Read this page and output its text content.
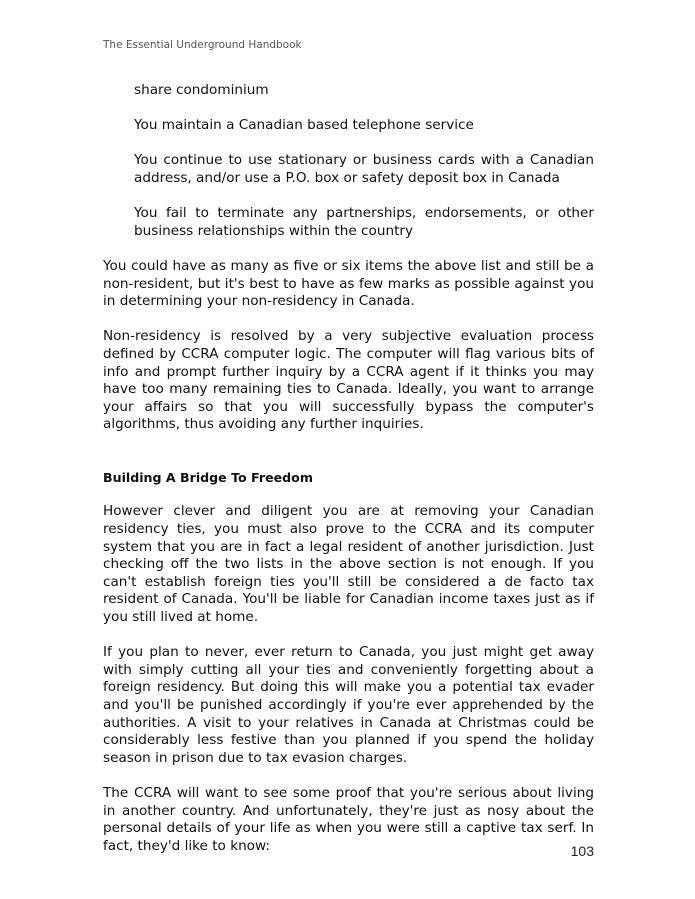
The Essential Underground Handbook

share condominium

You maintain a Canadian based telephone service

You continue to use stationary or business cards with a Canadian address, and/or use a P.O. box or safety deposit box in Canada

You fail to terminate any partnerships, endorsements, or other business relationships within the country

You could have as many as five or six items the above list and still be a non-resident, but it's best to have as few marks as possible against you in determining your non-residency in Canada.

Non-residency is resolved by a very subjective evaluation process defined by CCRA computer logic. The computer will flag various bits of info and prompt further inquiry by a CCRA agent if it thinks you may have too many remaining ties to Canada. Ideally, you want to arrange your affairs so that you will successfully bypass the computer's algorithms, thus avoiding any further inquiries.

Building A Bridge To Freedom

However clever and diligent you are at removing your Canadian residency ties, you must also prove to the CCRA and its computer system that you are in fact a legal resident of another jurisdiction. Just checking off the two lists in the above section is not enough. If you can't establish foreign ties you'll still be considered a de facto tax resident of Canada. You'll be liable for Canadian income taxes just as if you still lived at home.

If you plan to never, ever return to Canada, you just might get away with simply cutting all your ties and conveniently forgetting about a foreign residency. But doing this will make you a potential tax evader and you'll be punished accordingly if you're ever apprehended by the authorities. A visit to your relatives in Canada at Christmas could be considerably less festive than you planned if you spend the holiday season in prison due to tax evasion charges.

The CCRA will want to see some proof that you're serious about living in another country. And unfortunately, they're just as nosy about the personal details of your life as when you were still a captive tax serf. In fact, they'd like to know:	103
